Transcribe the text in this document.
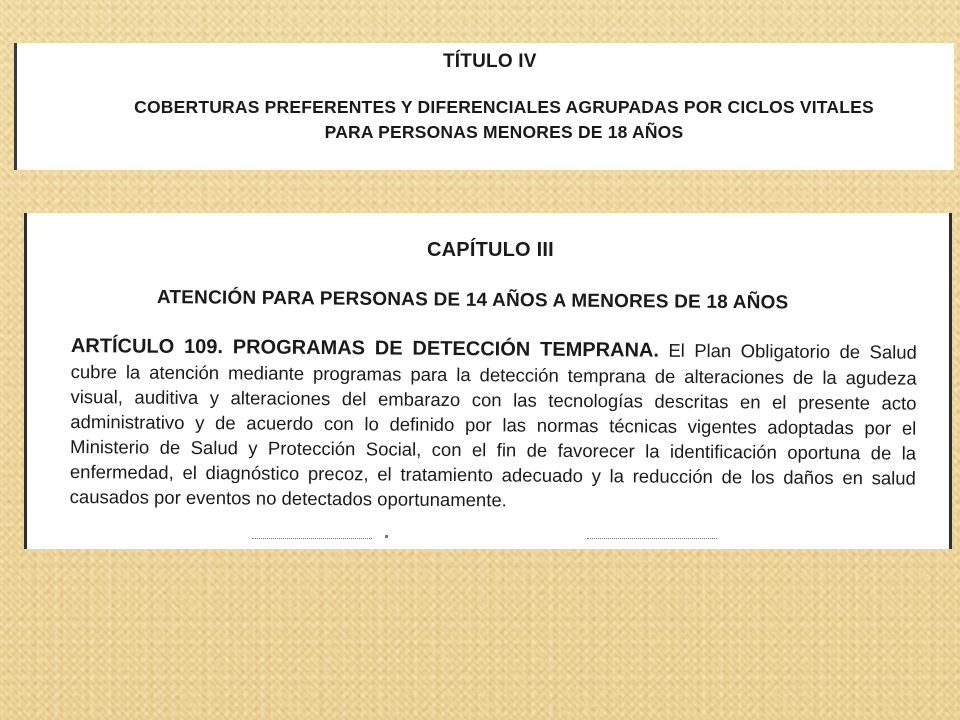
TÍTULO IV
COBERTURAS PREFERENTES Y DIFERENCIALES AGRUPADAS POR CICLOS VITALES PARA PERSONAS MENORES DE 18 AÑOS
CAPÍTULO III
ATENCIÓN PARA PERSONAS DE 14 AÑOS A MENORES DE 18 AÑOS
ARTÍCULO 109. PROGRAMAS DE DETECCIÓN TEMPRANA. El Plan Obligatorio de Salud cubre la atención mediante programas para la detección temprana de alteraciones de la agudeza visual, auditiva y alteraciones del embarazo con las tecnologías descritas en el presente acto administrativo y de acuerdo con lo definido por las normas técnicas vigentes adoptadas por el Ministerio de Salud y Protección Social, con el fin de favorecer la identificación oportuna de la enfermedad, el diagnóstico precoz, el tratamiento adecuado y la reducción de los daños en salud causados por eventos no detectados oportunamente.
